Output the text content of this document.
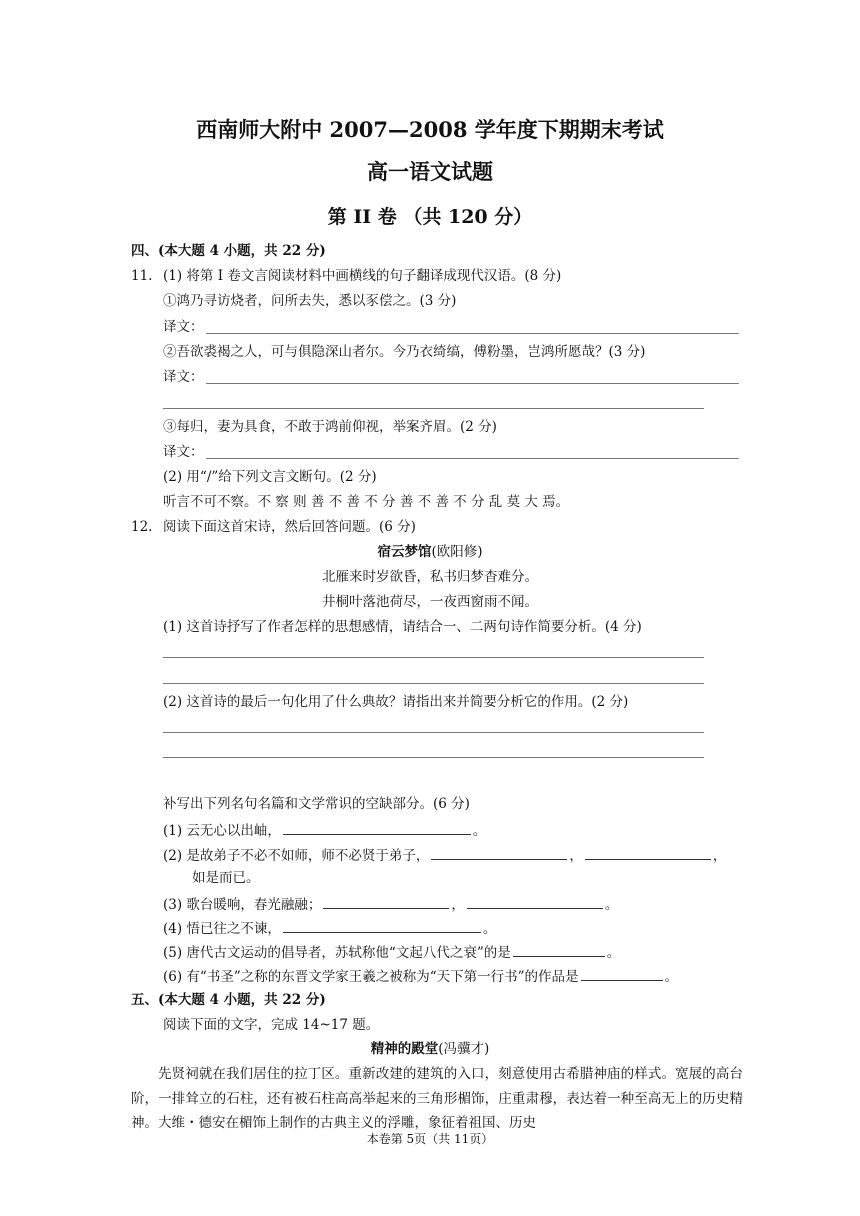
西南师大附中 2007—2008 学年度下期期末考试
高一语文试题
第 II 卷 （共 120 分）
四、(本大题 4 小题，共 22 分)
11. (1) 将第 I 卷文言阅读材料中画横线的句子翻译成现代汉语。(8 分)
①鸿乃寻访烧者，问所去失，悉以豕偿之。(3 分)
译文：
②吾欲裘褐之人，可与俱隐深山者尔。今乃衣绮缟，傅粉墨，岂鸿所愿哉？(3 分)
译文：
③每归，妻为具食，不敢于鸿前仰视，举案齐眉。(2 分)
译文：
(2) 用“/”给下列文言文断句。(2 分)
听言不可不察。不 察 则 善 不 善 不 分 善 不 善 不 分 乱 莫 大 焉。
12. 阅读下面这首宋诗，然后回答问题。(6 分)
宿云梦馆(欧阳修)
北雁来时岁欲昏，私书归梦杳难分。
井桐叶落池荷尽，一夜西窗雨不闻。
(1) 这首诗抒写了作者怎样的思想感情，请结合一、二两句诗作简要分析。(4 分)
(2) 这首诗的最后一句化用了什么典故？请指出来并简要分析它的作用。(2 分)
补写出下列名句名篇和文学常识的空缺部分。(6 分)
(1) 云无心以出岫，	。
(2) 是故弟子不必不如师，师不必贤于弟子，	，	，
如是而已。
(3) 歌台暖响，春光融融；	，	。
(4) 悟已往之不谏，	。
(5) 唐代古文运动的倡导者，苏轼称他“文起八代之衰”的是	。
(6) 有“书圣”之称的东晋文学家王羲之被称为“天下第一行书”的作品是	。
五、(本大题 4 小题，共 22 分)
阅读下面的文字，完成 14~17 题。
精神的殿堂(冯骥才)
先贤祠就在我们居住的拉丁区。重新改建的建筑的入口，刻意使用古希腊神庙的样式。宽展的高台阶，一排耸立的石柱，还有被石柱高高举起来的三角形楣饰，庄重肃穆，表达着一种至高无上的历史精神。大维・德安在楣饰上制作的古典主义的浮雕，象征着祖国、历史
本卷第 5页（共 11页）
